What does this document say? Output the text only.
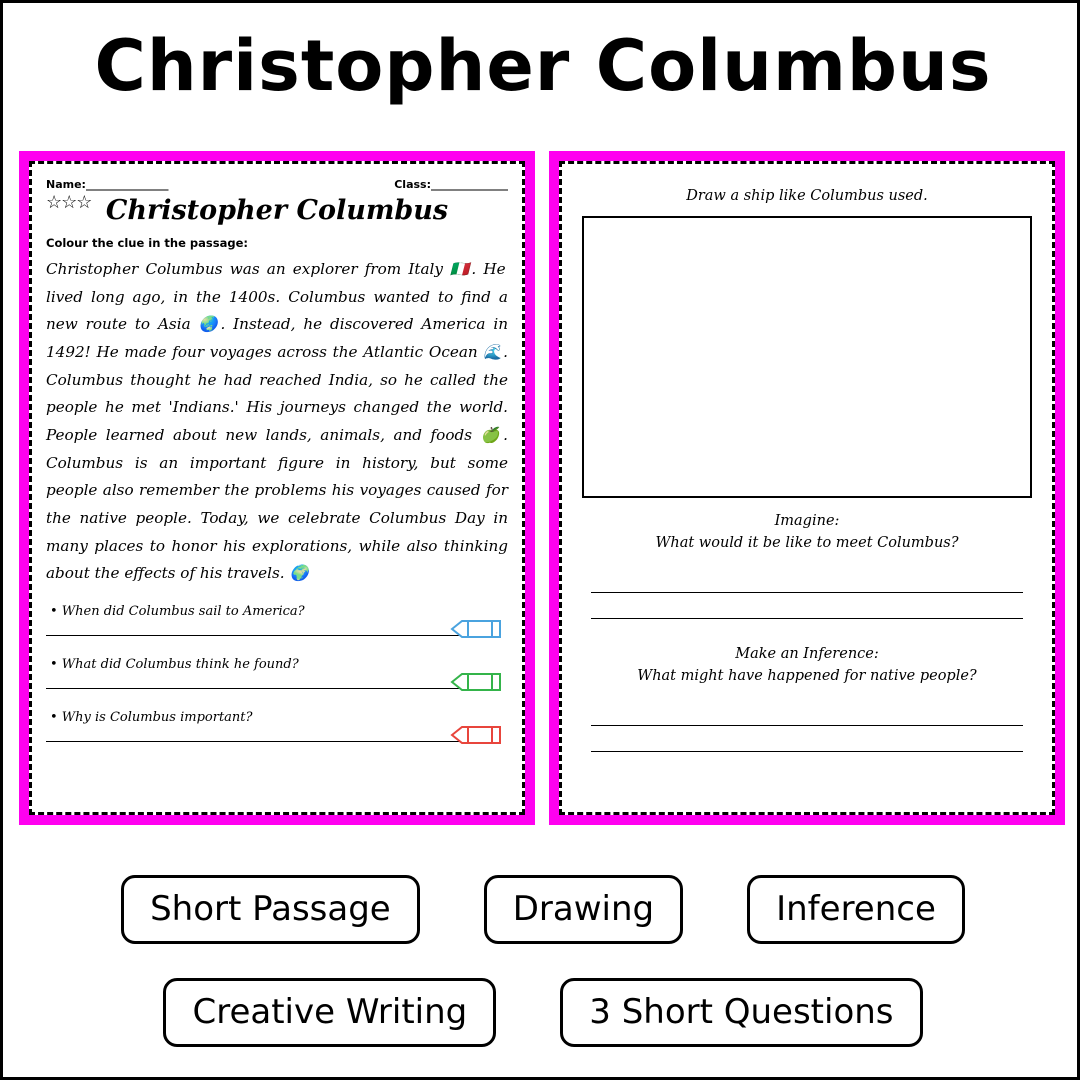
Christopher Columbus
Name:_______________	Class:______________
☆☆☆ Christopher Columbus
Colour the clue in the passage:
Christopher Columbus was an explorer from Italy 🇮🇹. He lived long ago, in the 1400s. Columbus wanted to find a new route to Asia 🌏. Instead, he discovered America in 1492! He made four voyages across the Atlantic Ocean 🌊. Columbus thought he had reached India, so he called the people he met 'Indians.' His journeys changed the world. People learned about new lands, animals, and foods 🍏. Columbus is an important figure in history, but some people also remember the problems his voyages caused for the native people. Today, we celebrate Columbus Day in many places to honor his explorations, while also thinking about the effects of his travels. 🌍
• When did Columbus sail to America?
• What did Columbus think he found?
• Why is Columbus important?
Draw a ship like Columbus used.
Imagine:
What would it be like to meet Columbus?
Make an Inference:
What might have happened for native people?
Short Passage	Drawing	Inference
Creative Writing	3 Short Questions
